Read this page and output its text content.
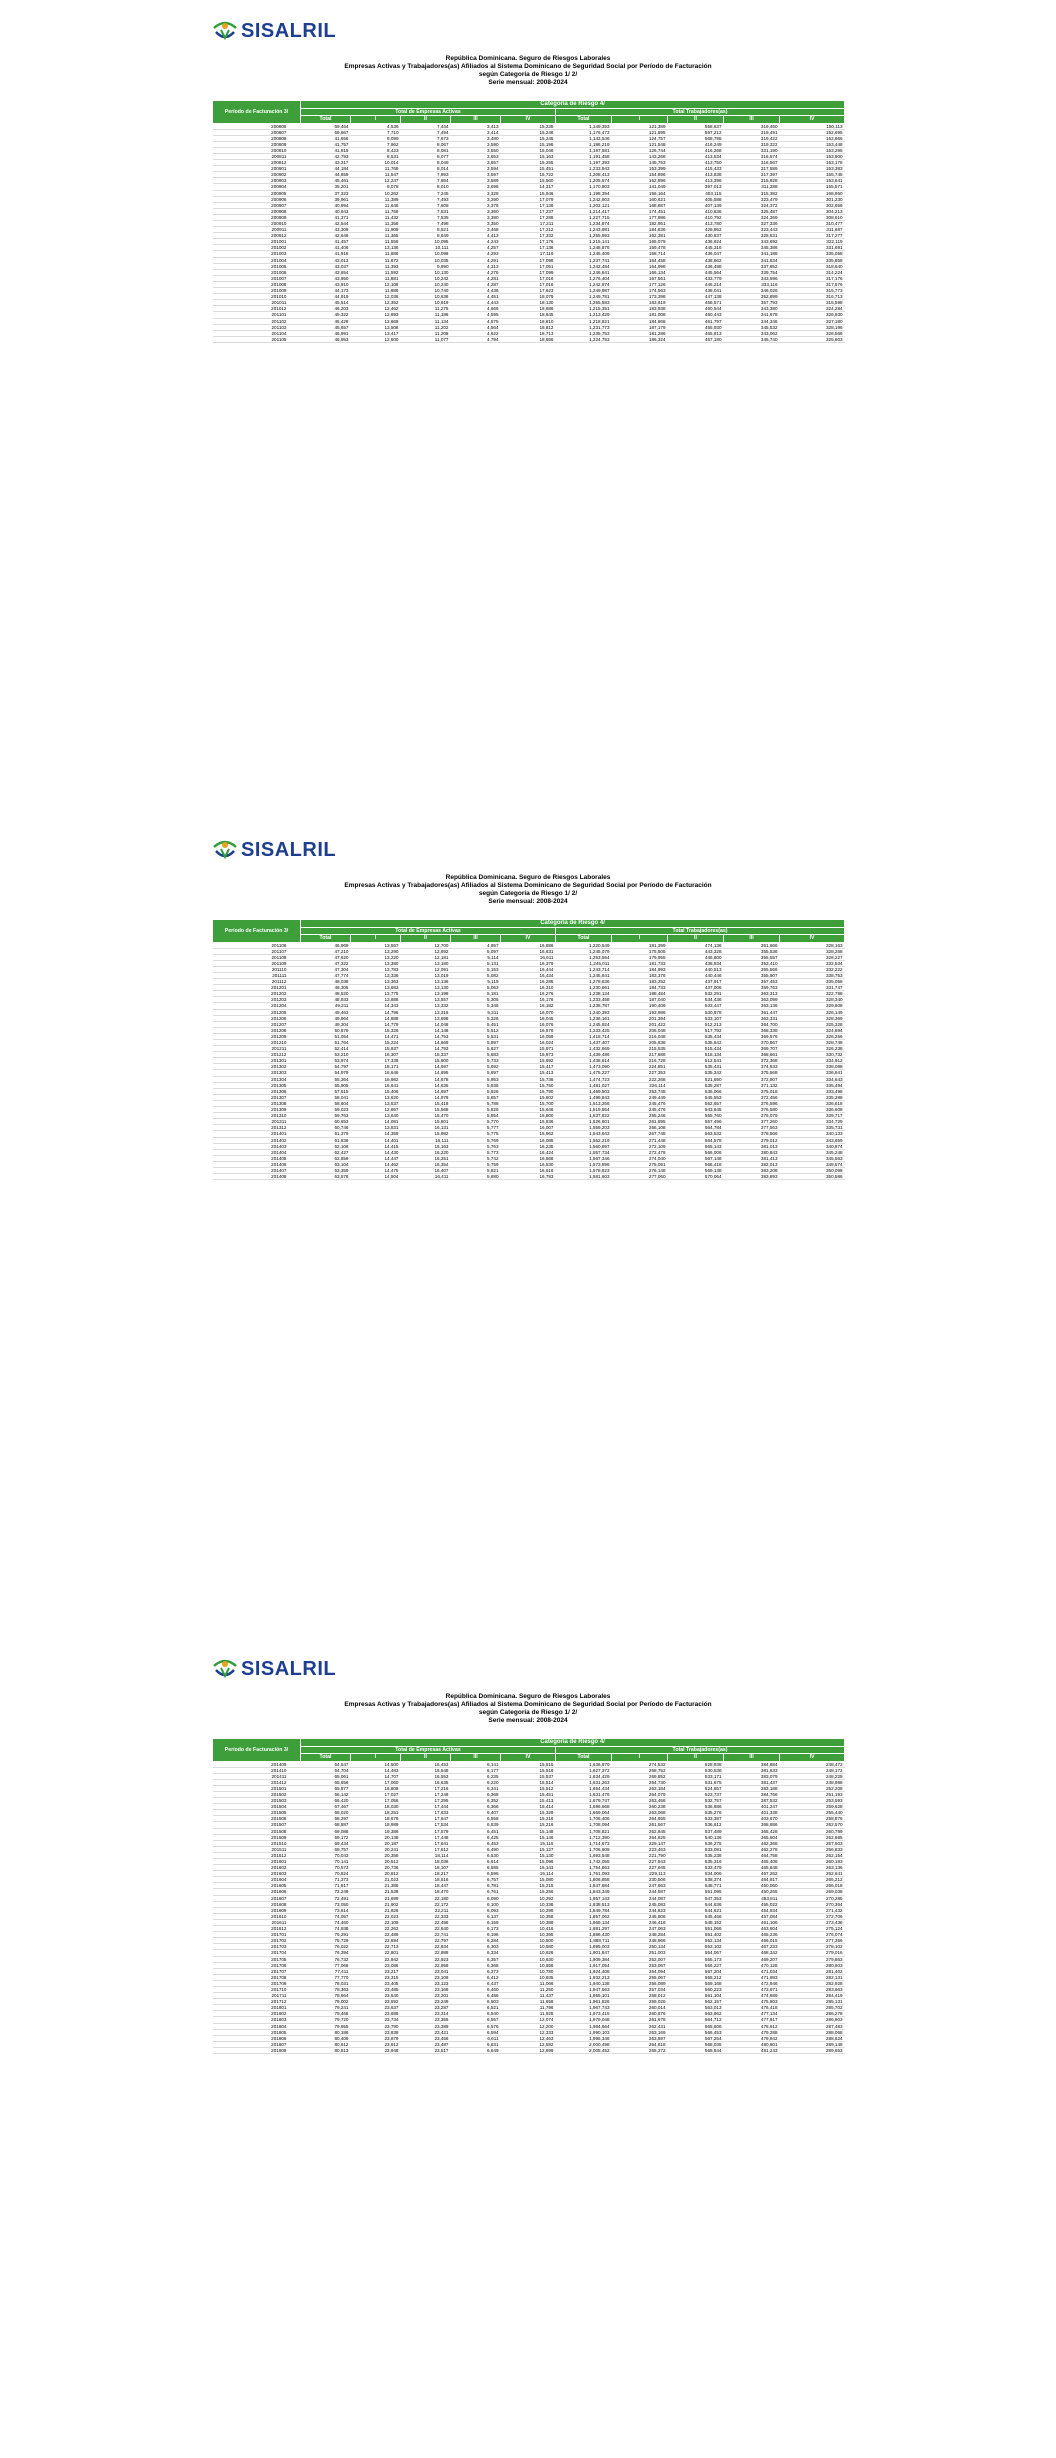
SISALRIL
República Dominicana. Seguro de Riesgos Laborales
Empresas Activas y Trabajadores(as) Afiliados al Sistema Dominicano de Seguridad Social por Período de Facturación
según Categoría de Riesgo 1/ 2/
Serie mensual: 2008-2024
Período de Facturación 3/	Categoría de Riesgo 4/									
	Total de Empresas Activas					Total Trabajadores(as)				
	Total	I	II	III	IV	Total	I	II	III	IV
200806	69,464	4,536	7,444	3,413	15,235	1,149,393	121,389	558,637	319,460	150,113
200807	69,867	7,710	7,494	3,414	15,248	1,176,473	121,895	557,212	319,491	152,695
200808	41,656	8,099	7,673	3,480	15,245	1,143,546	124,757	568,795	319,422	152,666
200809	41,757	7,962	8,067	3,590	15,196	1,186,219	121,548	416,249	319,322	153,448
200810	41,915	8,423	8,081	3,550	15,046	1,197,581	126,744	416,268	321,190	153,295
200811	42,793	8,531	8,077	3,653	15,163	1,191,458	143,268	413,534	316,574	153,900
200812	43,317	10,014	8,049	3,657	15,255	1,197,393	145,753	413,750	316,567	153,178
200901	44,184	11,769	8,014	3,594	15,451	1,233,943	153,399	415,433	317,589	153,383
200902	44,659	11,547	7,993	3,597	15,722	1,208,413	154,896	413,838	317,397	155,745
200903	45,461	12,247	7,954	3,589	15,560	1,205,574	162,896	413,396	315,928	153,641
200904	35,201	9,078	8,010	3,696	14,317	1,170,803	141,049	397,013	311,288	155,571
200905	37,323	10,262	7,245	3,328	15,946	1,198,394	156,164	403,115	315,382	168,950
200906	39,961	11,389	7,493	3,290	17,079	1,242,603	160,621	405,588	323,479	301,230
200907	40,994	11,646	7,608	3,376	17,139	1,202,121	168,887	407,139	324,372	302,656
200908	40,943	11,766	7,531	3,360	17,237	1,214,417	174,451	410,636	325,487	304,213
200909	41,371	11,432	7,535	3,380	17,288	1,227,715	177,986	410,792	324,369	308,610
200910	42,544	11,358	7,498	3,350	17,211	1,234,874	182,951	413,780	327,336	310,477
200911	43,309	11,909	8,521	3,468	17,212	1,243,881	184,836	428,952	323,443	311,687
200912	42,646	11,365	8,649	4,413	17,332	1,255,993	162,381	430,837	328,631	317,277
201001	41,457	11,556	10,095	4,243	17,176	1,215,141	165,079	436,924	343,692	322,119
201002	41,406	13,136	10,111	4,257	17,136	1,248,876	159,478	445,316	345,386	331,691
201003	41,916	11,886	10,098	4,293	17,119	1,245,409	158,714	436,047	341,188	335,058
201004	43,013	11,872	10,035	4,291	17,098	1,237,741	164,458	438,662	341,834	335,858
201005	43,037	11,393	9,990	4,313	17,051	1,242,484	164,998	436,498	337,852	318,640
201006	43,654	11,592	10,130	4,276	17,099	1,246,841	166,134	445,564	339,754	314,224
201007	43,950	11,881	10,242	4,281	17,016	1,276,404	167,561	433,779	343,596	317,176
201008	43,910	12,106	10,240	4,287	17,016	1,242,874	177,126	446,214	333,116	317,576
201009	44,173	11,886	10,740	4,436	17,623	1,249,987	174,563	438,041	346,026	315,773
201010	44,919	12,036	10,638	4,451	18,079	1,249,781	173,398	447,138	352,899	316,713
201011	45,514	12,352	10,919	4,443	18,130	1,255,583	183,619	458,571	357,793	315,598
201012	46,203	12,462	11,275	4,666	18,686	1,215,351	183,938	460,544	343,380	324,284
201101	45,322	12,893	11,186	4,595	18,645	1,213,429	181,008	460,443	341,678	326,930
201102	45,429	12,669	11,134	4,575	18,810	1,218,821	184,868	461,797	344,346	327,180
201103	45,657	13,508	11,202	4,564	18,812	1,231,773	187,179	455,930	345,532	328,196
201104	46,991	13,417	11,208	4,622	18,713	1,235,753	181,286	465,813	343,062	328,566
201105	46,953	12,500	11,077	4,794	18,656	1,224,753	186,324	467,180	345,740	325,603
SISALRIL
República Dominicana. Seguro de Riesgos Laborales
Empresas Activas y Trabajadores(as) Afiliados al Sistema Dominicano de Seguridad Social por Período de Facturación
según Categoría de Riesgo 1/ 2/
Serie mensual: 2008-2024
Período de Facturación 3/	Categoría de Riesgo 4/									
	Total de Empresas Activas					Total Trabajadores(as)				
	Total	I	II	III	IV	Total	I	II	III	IV
201106	46,969	13,557	12,700	4,957	16,886	1,220,549	181,399	474,136	351,666	328,163
201107	47,210	13,290	12,692	5,097	16,631	1,245,079	175,505	443,328	355,536	328,258
201108	47,620	13,220	12,181	5,114	16,611	1,253,554	179,955	446,600	355,557	328,227
201109	47,322	13,380	13,180	5,131	16,379	1,245,011	181,733	438,934	353,410	332,534
201110	47,304	13,783	12,091	5,153	16,444	1,243,714	184,993	440,513	355,566	332,222
201111	47,774	13,336	13,019	5,082	16,434	1,245,641	183,376	440,446	355,907	338,753
201112	48,038	13,363	13,136	5,119	16,285	1,278,636	183,252	437,917	357,453	335,058
201201	48,305	13,683	13,130	5,063	16,310	1,230,661	184,733	437,006	359,763	331,747
201202	48,520	13,775	13,198	5,181	16,276	1,238,134	188,484	532,291	363,313	322,788
201203	48,933	13,888	13,557	5,305	16,176	1,233,458	187,040	534,436	363,099	328,340
201204	49,211	14,343	13,332	5,346	16,182	1,238,787	190,409	533,447	363,136	329,608
201205	49,463	14,796	13,316	5,311	16,070	1,240,393	193,986	530,878	361,447	326,149
201206	49,964	14,888	13,698	5,326	16,045	1,236,161	201,394	533,107	363,331	328,369
201207	49,304	14,779	14,048	5,451	16,076	1,245,924	201,422	512,213	364,700	325,328
201208	50,679	15,326	14,148	5,512	16,576	1,233,425	206,048	517,792	368,338	324,694
201209	51,054	14,471	14,753	5,531	16,059	1,418,714	216,048	535,434	369,576	326,256
201210	51,764	15,224	14,669	5,897	16,024	1,437,407	205,838	535,842	370,867	328,748
201211	52,414	15,937	14,793	5,627	15,971	1,432,669	215,535	515,434	369,707	326,238
201212	53,210	16,307	15,337	5,683	15,973	1,439,486	217,688	518,134	368,661	330,732
201301	53,974	17,338	15,600	5,733	15,692	1,438,614	216,728	512,541	372,368	334,912
201302	54,797	18,171	14,697	5,692	15,417	1,473,090	224,851	535,431	374,633	338,088
201303	54,979	16,646	14,695	5,697	15,413	1,475,227	227,353	535,342	375,568	336,941
201304	55,364	16,982	14,678	5,953	15,736	1,474,723	222,268	521,690	372,907	334,643
201305	55,905	16,641	14,635	5,936	15,750	1,481,027	226,114	535,287	371,132	335,494
201306	57,615	15,406	14,697	5,926	15,790	1,469,503	253,748	535,066	375,018	333,498
201307	58,041	13,620	14,978	5,857	15,602	1,498,843	249,449	545,553	372,456	335,288
201308	58,604	13,537	15,418	5,788	15,700	1,513,256	245,476	552,657	376,596	336,618
201309	59,023	12,857	15,568	5,826	15,646	1,519,854	245,476	543,645	376,580	336,608
201310	59,763	13,640	15,470	5,854	15,800	1,537,822	255,246	555,760	376,079	339,717
201311	60,653	14,081	15,601	5,770	15,836	1,526,601	261,895	557,496	377,260	334,729
201312	60,746	13,831	16,131	5,777	16,007	1,559,203	266,108	564,784	377,563	335,731
201401	61,379	14,359	15,982	5,775	15,962	1,543,643	267,748	563,532	378,566	340,133
201402	61,836	14,401	16,111	5,769	16,085	1,552,219	271,448	564,578	379,012	343,659
201403	62,108	14,415	16,163	5,763	16,235	1,560,897	272,109	565,143	381,013	340,874
201404	62,427	14,430	16,220	5,773	16,424	1,557,734	272,478	566,006	380,843	345,248
201405	62,859	14,447	16,251	5,742	16,568	1,567,346	274,040	567,148	381,413	345,563
201406	63,104	14,462	16,354	5,759	16,530	1,573,896	275,091	566,418	382,013	348,574
201407	63,359	14,475	16,407	5,821	16,616	1,578,823	276,148	569,138	383,208	350,098
201408	63,578	14,504	16,411	5,880	16,783	1,581,603	277,060	570,064	383,893	350,586
SISALRIL
República Dominicana. Seguro de Riesgos Laborales
Empresas Activas y Trabajadores(as) Afiliados al Sistema Dominicano de Seguridad Social por Período de Facturación
según Categoría de Riesgo 1/ 2/
Serie mensual: 2008-2024
Período de Facturación 3/	Categoría de Riesgo 4/									
	Total de Empresas Activas					Total Trabajadores(as)				
	Total	I	II	III	IV	Total	I	II	III	IV
201409	64,547	14,500	16,453	6,141	15,515	1,636,879	274,532	528,938	384,884	248,472
201410	64,704	14,483	16,548	6,177	15,519	1,627,372	268,752	530,538	381,633	248,172
201411	65,061	14,707	16,553	6,235	15,537	1,634,429	269,852	533,171	383,079	248,229
201412	65,656	17,060	16,635	6,220	15,514	1,631,263	264,730	531,675	381,437	248,988
201501	65,877	16,808	17,216	6,341	15,512	1,654,434	263,184	524,657	383,188	252,208
201502	66,142	17,027	17,248	6,368	15,451	1,631,476	264,079	523,737	384,766	251,193
201503	66,420	17,056	17,295	6,352	15,413	1,679,747	263,466	532,757	387,532	253,593
201504	67,467	18,030	17,444	6,366	15,414	1,696,668	260,238	536,686	401,247	259,628
201505	68,020	18,251	17,633	6,407	15,329	1,669,064	263,068	535,276	401,338	255,440
201506	68,297	18,676	17,647	6,558	15,216	1,706,406	264,655	533,387	403,670	258,876
201507	68,887	18,989	17,534	6,539	15,216	1,708,094	261,567	536,612	368,886	262,570
201508	69,088	19,386	17,579	6,451	15,148	1,708,821	262,845	537,489	365,428	260,789
201509	69,172	20,138	17,448	6,425	15,146	1,712,390	264,625	540,136	365,604	262,685
201510	69,434	20,187	17,641	6,453	15,115	1,714,673	229,147	536,275	462,368	257,603
201511	69,757	20,241	17,612	6,490	15,127	1,706,609	223,463	533,081	462,278	256,833
201512	70,043	20,356	18,114	6,530	15,130	1,693,548	221,790	535,238	464,758	262,154
201601	70,141	20,512	18,036	6,614	15,096	1,742,055	227,843	535,316	465,408	260,183
201602	70,573	20,736	18,107	6,585	15,143	1,754,863	227,945	533,479	465,848	263,136
201603	70,824	20,812	18,217	6,596	15,114	1,761,093	229,113	534,006	467,262	262,641
201604	71,373	21,023	18,516	6,757	15,080	1,806,858	230,506	538,374	484,817	265,212
201605	71,817	21,388	18,447	6,781	15,215	1,847,684	247,663	548,771	450,060	266,018
201606	72,249	21,538	18,470	6,761	15,256	1,843,349	244,587	551,095	450,265	269,038
201607	72,491	21,699	22,180	6,090	10,292	1,857,143	244,087	547,353	453,811	270,285
201608	73,050	21,902	22,172	6,100	10,336	1,838,513	245,083	544,636	455,022	270,364
201609	73,614	21,926	22,211	6,093	10,296	1,849,784	244,823	544,621	454,934	271,432
201610	74,057	22,023	22,333	6,137	10,358	1,857,062	245,806	545,466	457,084	272,706
201611	74,460	22,109	22,496	6,159	10,389	1,869,134	246,418	548,152	461,106	273,438
201612	74,938	22,262	22,640	6,173	10,416	1,881,297	247,063	551,066	463,604	275,124
201701	75,291	22,486	22,741	6,196	10,395	1,886,430	248,284	551,402	465,236	276,074
201702	75,729	22,594	22,797	6,284	10,500	1,888,711	248,966	552,134	466,015	277,356
201703	76,022	22,713	22,834	6,303	10,580	1,895,003	250,134	553,102	467,233	278,102
201704	76,394	22,801	22,888	6,334	10,626	1,901,847	251,003	554,067	468,342	279,016
201705	76,732	22,942	22,923	6,357	10,630	1,909,384	252,007	555,173	469,207	279,863
201706	77,068	23,086	22,958	6,368	10,656	1,917,054	253,067	556,227	470,128	280,603
201707	77,411	23,217	23,041	6,373	10,780	1,924,408	254,094	557,204	471,034	281,402
201708	77,770	23,315	23,108	6,412	10,935	1,932,213	255,067	558,212	471,983	282,131
201709	78,031	23,405	23,123	6,437	11,066	1,940,138	256,089	559,168	472,946	282,928
201710	78,363	23,485	23,168	6,460	11,250	1,947,563	257,034	560,223	473,871	283,663
201711	78,664	23,540	23,201	6,486	11,437	1,955,101	258,012	561,104	474,689	284,419
201712	79,002	23,592	23,249	6,503	11,658	1,961,826	259,026	562,157	475,603	285,131
201801	79,241	23,637	23,287	6,521	11,796	1,967,743	260,014	563,013	476,418	285,702
201802	79,468	23,689	23,314	6,540	11,925	1,973,415	260,876	563,862	477,134	286,278
201803	79,720	23,734	23,355	6,557	12,074	1,979,048	261,678	564,712	477,917	286,903
201804	79,955	23,790	23,389	6,576	12,200	1,984,664	262,431	565,606	478,612	287,483
201805	80,186	23,838	23,421	6,594	12,333	1,990,103	263,169	566,453	479,288	288,068
201806	80,409	23,879	23,456	6,611	12,463	1,995,346	263,897	567,264	479,942	288,624
201807	80,612	23,912	23,487	6,631	12,582	2,000,498	264,618	568,035	480,601	289,148
201808	80,813	23,948	23,517	6,649	12,699	2,005,452	265,272	568,844	481,243	289,653
